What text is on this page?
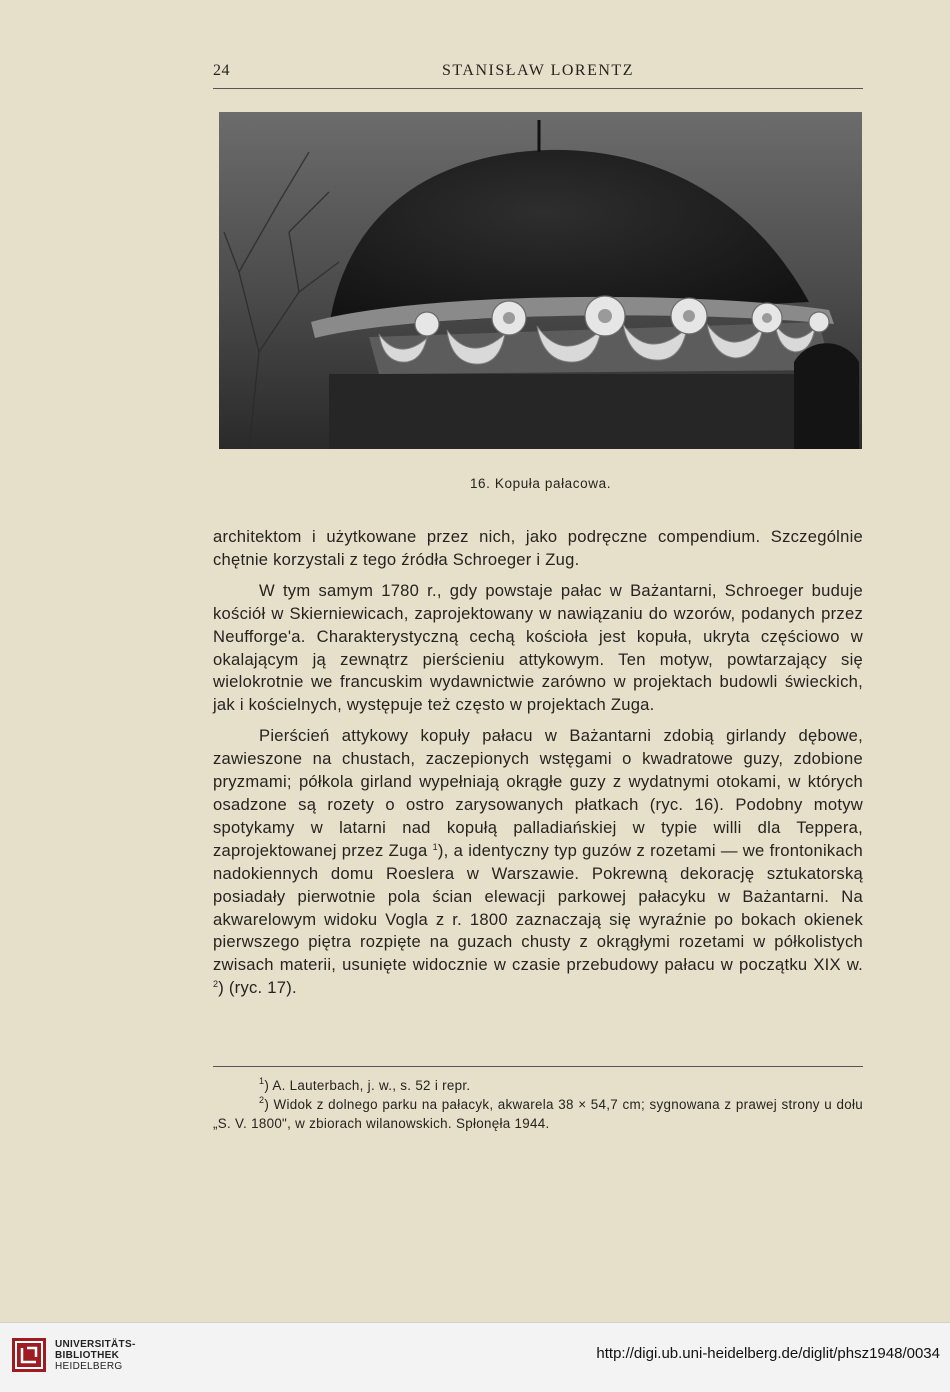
24	STANISŁAW LORENTZ
16. Kopuła pałacowa.

architektom i użytkowane przez nich, jako podręczne compendium. Szczególnie chętnie korzystali z tego źródła Schroeger i Zug.

W tym samym 1780 r., gdy powstaje pałac w Bażantarni, Schroeger buduje kościół w Skierniewicach, zaprojektowany w nawiązaniu do wzorów, podanych przez Neufforge'a. Charakterystyczną cechą kościoła jest kopuła, ukryta częściowo w okalającym ją zewnątrz pierścieniu attykowym. Ten motyw, powtarzający się wielokrotnie we francuskim wydawnictwie zarówno w projektach budowli świeckich, jak i kościelnych, występuje też często w projektach Zuga.

Pierścień attykowy kopuły pałacu w Bażantarni zdobią girlandy dębowe, zawieszone na chustach, zaczepionych wstęgami o kwadratowe guzy, zdobione pryzmami; półkola girland wypełniają okrągłe guzy z wydatnymi otokami, w których osadzone są rozety o ostro zarysowanych płatkach (ryc. 16). Podobny motyw spotykamy w latarni nad kopułą palladiańskiej w typie willi dla Teppera, zaprojektowanej przez Zuga $^1$), a identyczny typ guzów z rozetami — we frontonikach nadokiennych domu Roeslera w Warszawie. Pokrewną dekorację sztukatorską posiadały pierwotnie pola ścian elewacji parkowej pałacyku w Bażantarni. Na akwarelowym widoku Vogla z r. 1800 zaznaczają się wyraźnie po bokach okienek pierwszego piętra rozpięte na guzach chusty z okrągłymi rozetami w półkolistych zwisach materii, usunięte widocznie w czasie przebudowy pałacu w początku XIX w. $^2$) (ryc. 17).

$^1$) A. Lauterbach, j. w., s. 52 i repr.

$^2$) Widok z dolnego parku na pałacyk, akwarela 38 × 54,7 cm; sygnowana z prawej strony u dołu „S. V. 1800", w zbiorach wilanowskich. Spłonęła 1944.

UNIVERSITÄTS-
BIBLIOTHEK
HEIDELBERG
http://digi.ub.uni-heidelberg.de/diglit/phsz1948/0034
